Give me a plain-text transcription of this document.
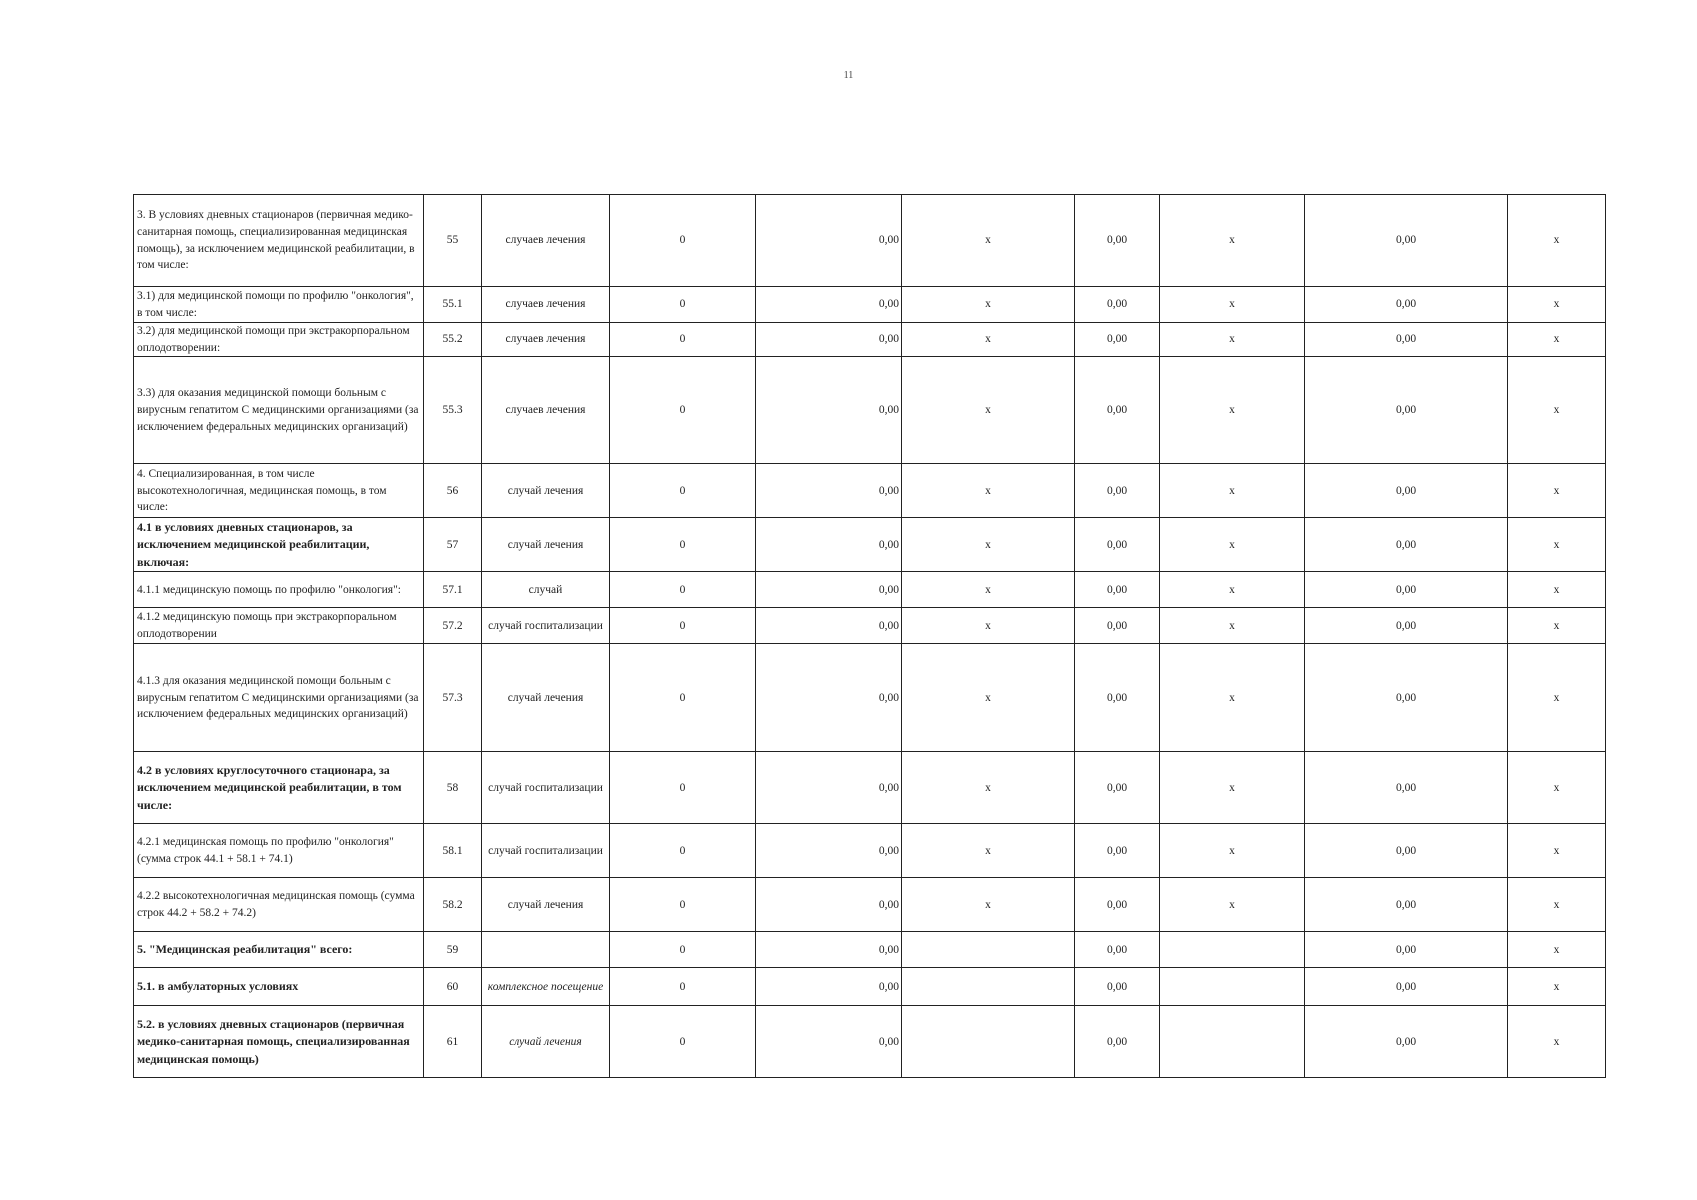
11
3. В условиях дневных стационаров (первичная медико-санитарная помощь, специализированная медицинская помощь), за исключением медицинской реабилитации, в том числе:	55	случаев лечения	0	0,00	x	0,00	x	0,00	x
3.1) для медицинской помощи по профилю "онкология", в том числе:	55.1	случаев лечения	0	0,00	x	0,00	x	0,00	x
3.2) для медицинской помощи при экстракорпоральном оплодотворении:	55.2	случаев лечения	0	0,00	x	0,00	x	0,00	x
3.3) для оказания медицинской помощи больным с вирусным гепатитом С медицинскими организациями (за исключением федеральных медицинских организаций)	55.3	случаев лечения	0	0,00	x	0,00	x	0,00	x
4. Специализированная, в том числе высокотехнологичная, медицинская помощь, в том числе:	56	случай лечения	0	0,00	x	0,00	x	0,00	x
4.1 в условиях дневных стационаров, за исключением медицинской реабилитации, включая:	57	случай лечения	0	0,00	x	0,00	x	0,00	x
4.1.1 медицинскую помощь по профилю "онкология":	57.1	случай	0	0,00	x	0,00	x	0,00	x
4.1.2 медицинскую помощь при экстракорпоральном оплодотворении	57.2	случай госпитализации	0	0,00	x	0,00	x	0,00	x
4.1.3 для оказания медицинской помощи больным с вирусным гепатитом С медицинскими организациями (за исключением федеральных медицинских организаций)	57.3	случай лечения	0	0,00	x	0,00	x	0,00	x
4.2 в условиях круглосуточного стационара, за исключением медицинской реабилитации, в том числе:	58	случай госпитализации	0	0,00	x	0,00	x	0,00	x
4.2.1 медицинская помощь по профилю "онкология" (сумма строк 44.1 + 58.1 + 74.1)	58.1	случай госпитализации	0	0,00	x	0,00	x	0,00	x
4.2.2 высокотехнологичная медицинская помощь (сумма строк 44.2 + 58.2 + 74.2)	58.2	случай лечения	0	0,00	x	0,00	x	0,00	x
5. "Медицинская реабилитация" всего:	59		0	0,00		0,00		0,00	x
5.1. в амбулаторных условиях	60	комплексное посещение	0	0,00		0,00		0,00	x
5.2. в условиях дневных стационаров (первичная медико-санитарная помощь, специализированная медицинская помощь)	61	случай лечения	0	0,00		0,00		0,00	x
